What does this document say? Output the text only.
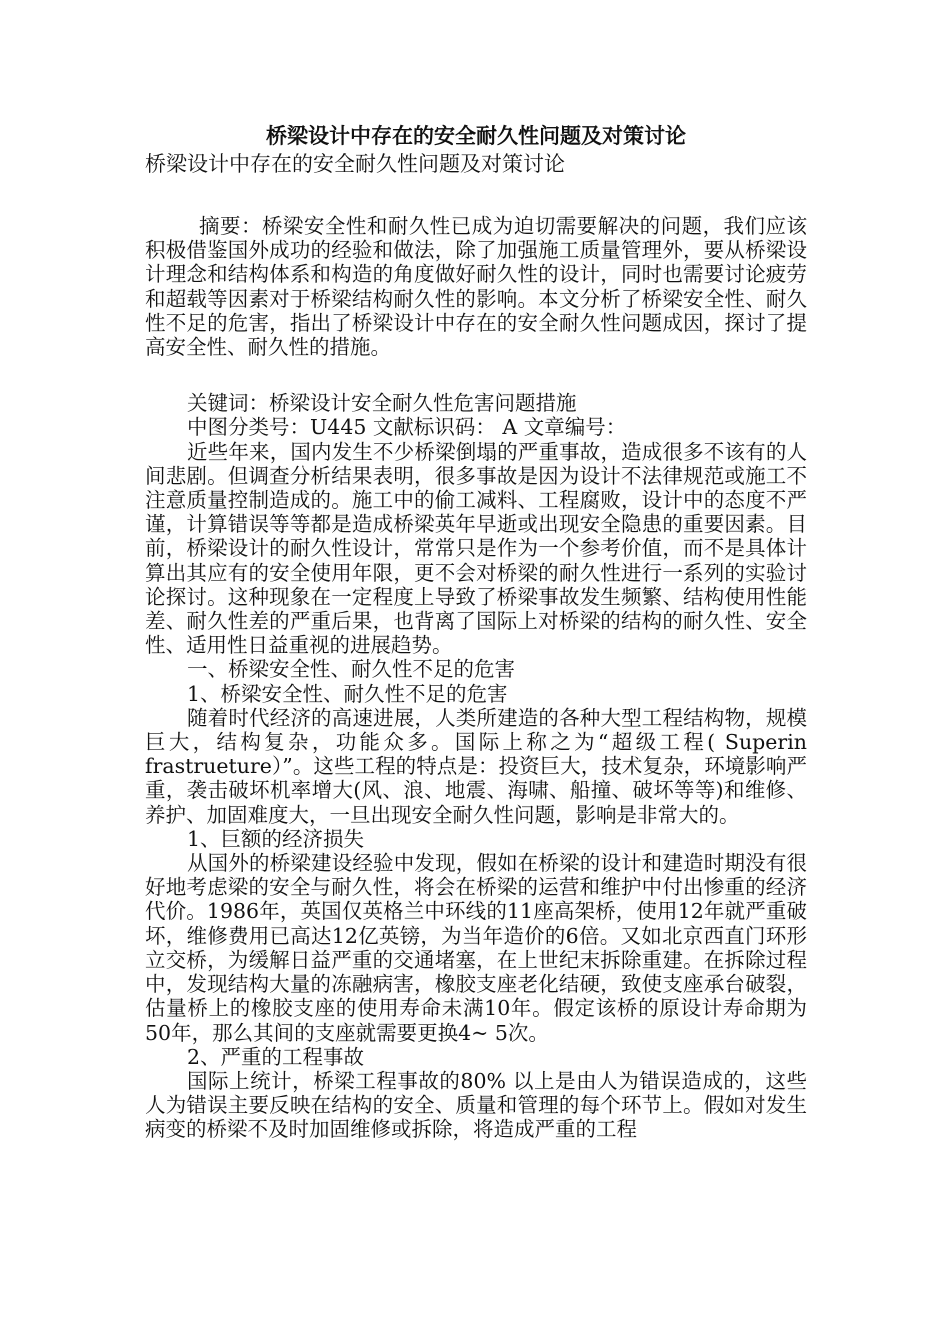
桥梁设计中存在的安全耐久性问题及对策讨论

桥梁设计中存在的安全耐久性问题及对策讨论

摘要：桥梁安全性和耐久性已成为迫切需要解决的问题，我们应该积极借鉴国外成功的经验和做法，除了加强施工质量管理外，要从桥梁设计理念和结构体系和构造的角度做好耐久性的设计，同时也需要讨论疲劳和超载等因素对于桥梁结构耐久性的影响。本文分析了桥梁安全性、耐久性不足的危害，指出了桥梁设计中存在的安全耐久性问题成因，探讨了提高安全性、耐久性的措施。

关键词：桥梁设计安全耐久性危害问题措施

中图分类号：U445 文献标识码： A 文章编号：

近些年来，国内发生不少桥梁倒塌的严重事故，造成很多不该有的人间悲剧。但调查分析结果表明，很多事故是因为设计不法律规范或施工不注意质量控制造成的。施工中的偷工减料、工程腐败，设计中的态度不严谨，计算错误等等都是造成桥梁英年早逝或出现安全隐患的重要因素。目前，桥梁设计的耐久性设计，常常只是作为一个参考价值，而不是具体计算出其应有的安全使用年限，更不会对桥梁的耐久性进行一系列的实验讨论探讨。这种现象在一定程度上导致了桥梁事故发生频繁、结构使用性能差、耐久性差的严重后果，也背离了国际上对桥梁的结构的耐久性、安全性、适用性日益重视的进展趋势。

一、桥梁安全性、耐久性不足的危害

1、桥梁安全性、耐久性不足的危害

随着时代经济的高速进展，人类所建造的各种大型工程结构物，规模巨大，结构复杂，功能众多。国际上称之为“超级工程( Superin frastrueture）”。这些工程的特点是：投资巨大，技术复杂，环境影响严重，袭击破坏机率增大(风、浪、地震、海啸、船撞、破坏等等)和维修、养护、加固难度大，一旦出现安全耐久性问题，影响是非常大的。

1、巨额的经济损失

从国外的桥梁建设经验中发现，假如在桥梁的设计和建造时期没有很好地考虑梁的安全与耐久性，将会在桥梁的运营和维护中付出惨重的经济代价。1986年，英国仅英格兰中环线的11座高架桥，使用12年就严重破坏，维修费用已高达12亿英镑，为当年造价的6倍。又如北京西直门环形立交桥，为缓解日益严重的交通堵塞，在上世纪末拆除重建。在拆除过程中，发现结构大量的冻融病害，橡胶支座老化结硬，致使支座承台破裂，估量桥上的橡胶支座的使用寿命未满10年。假定该桥的原设计寿命期为50年，那么其间的支座就需要更换4~ 5次。

2、严重的工程事故

国际上统计，桥梁工程事故的80% 以上是由人为错误造成的，这些人为错误主要反映在结构的安全、质量和管理的每个环节上。假如对发生病变的桥梁不及时加固维修或拆除，将造成严重的工程
